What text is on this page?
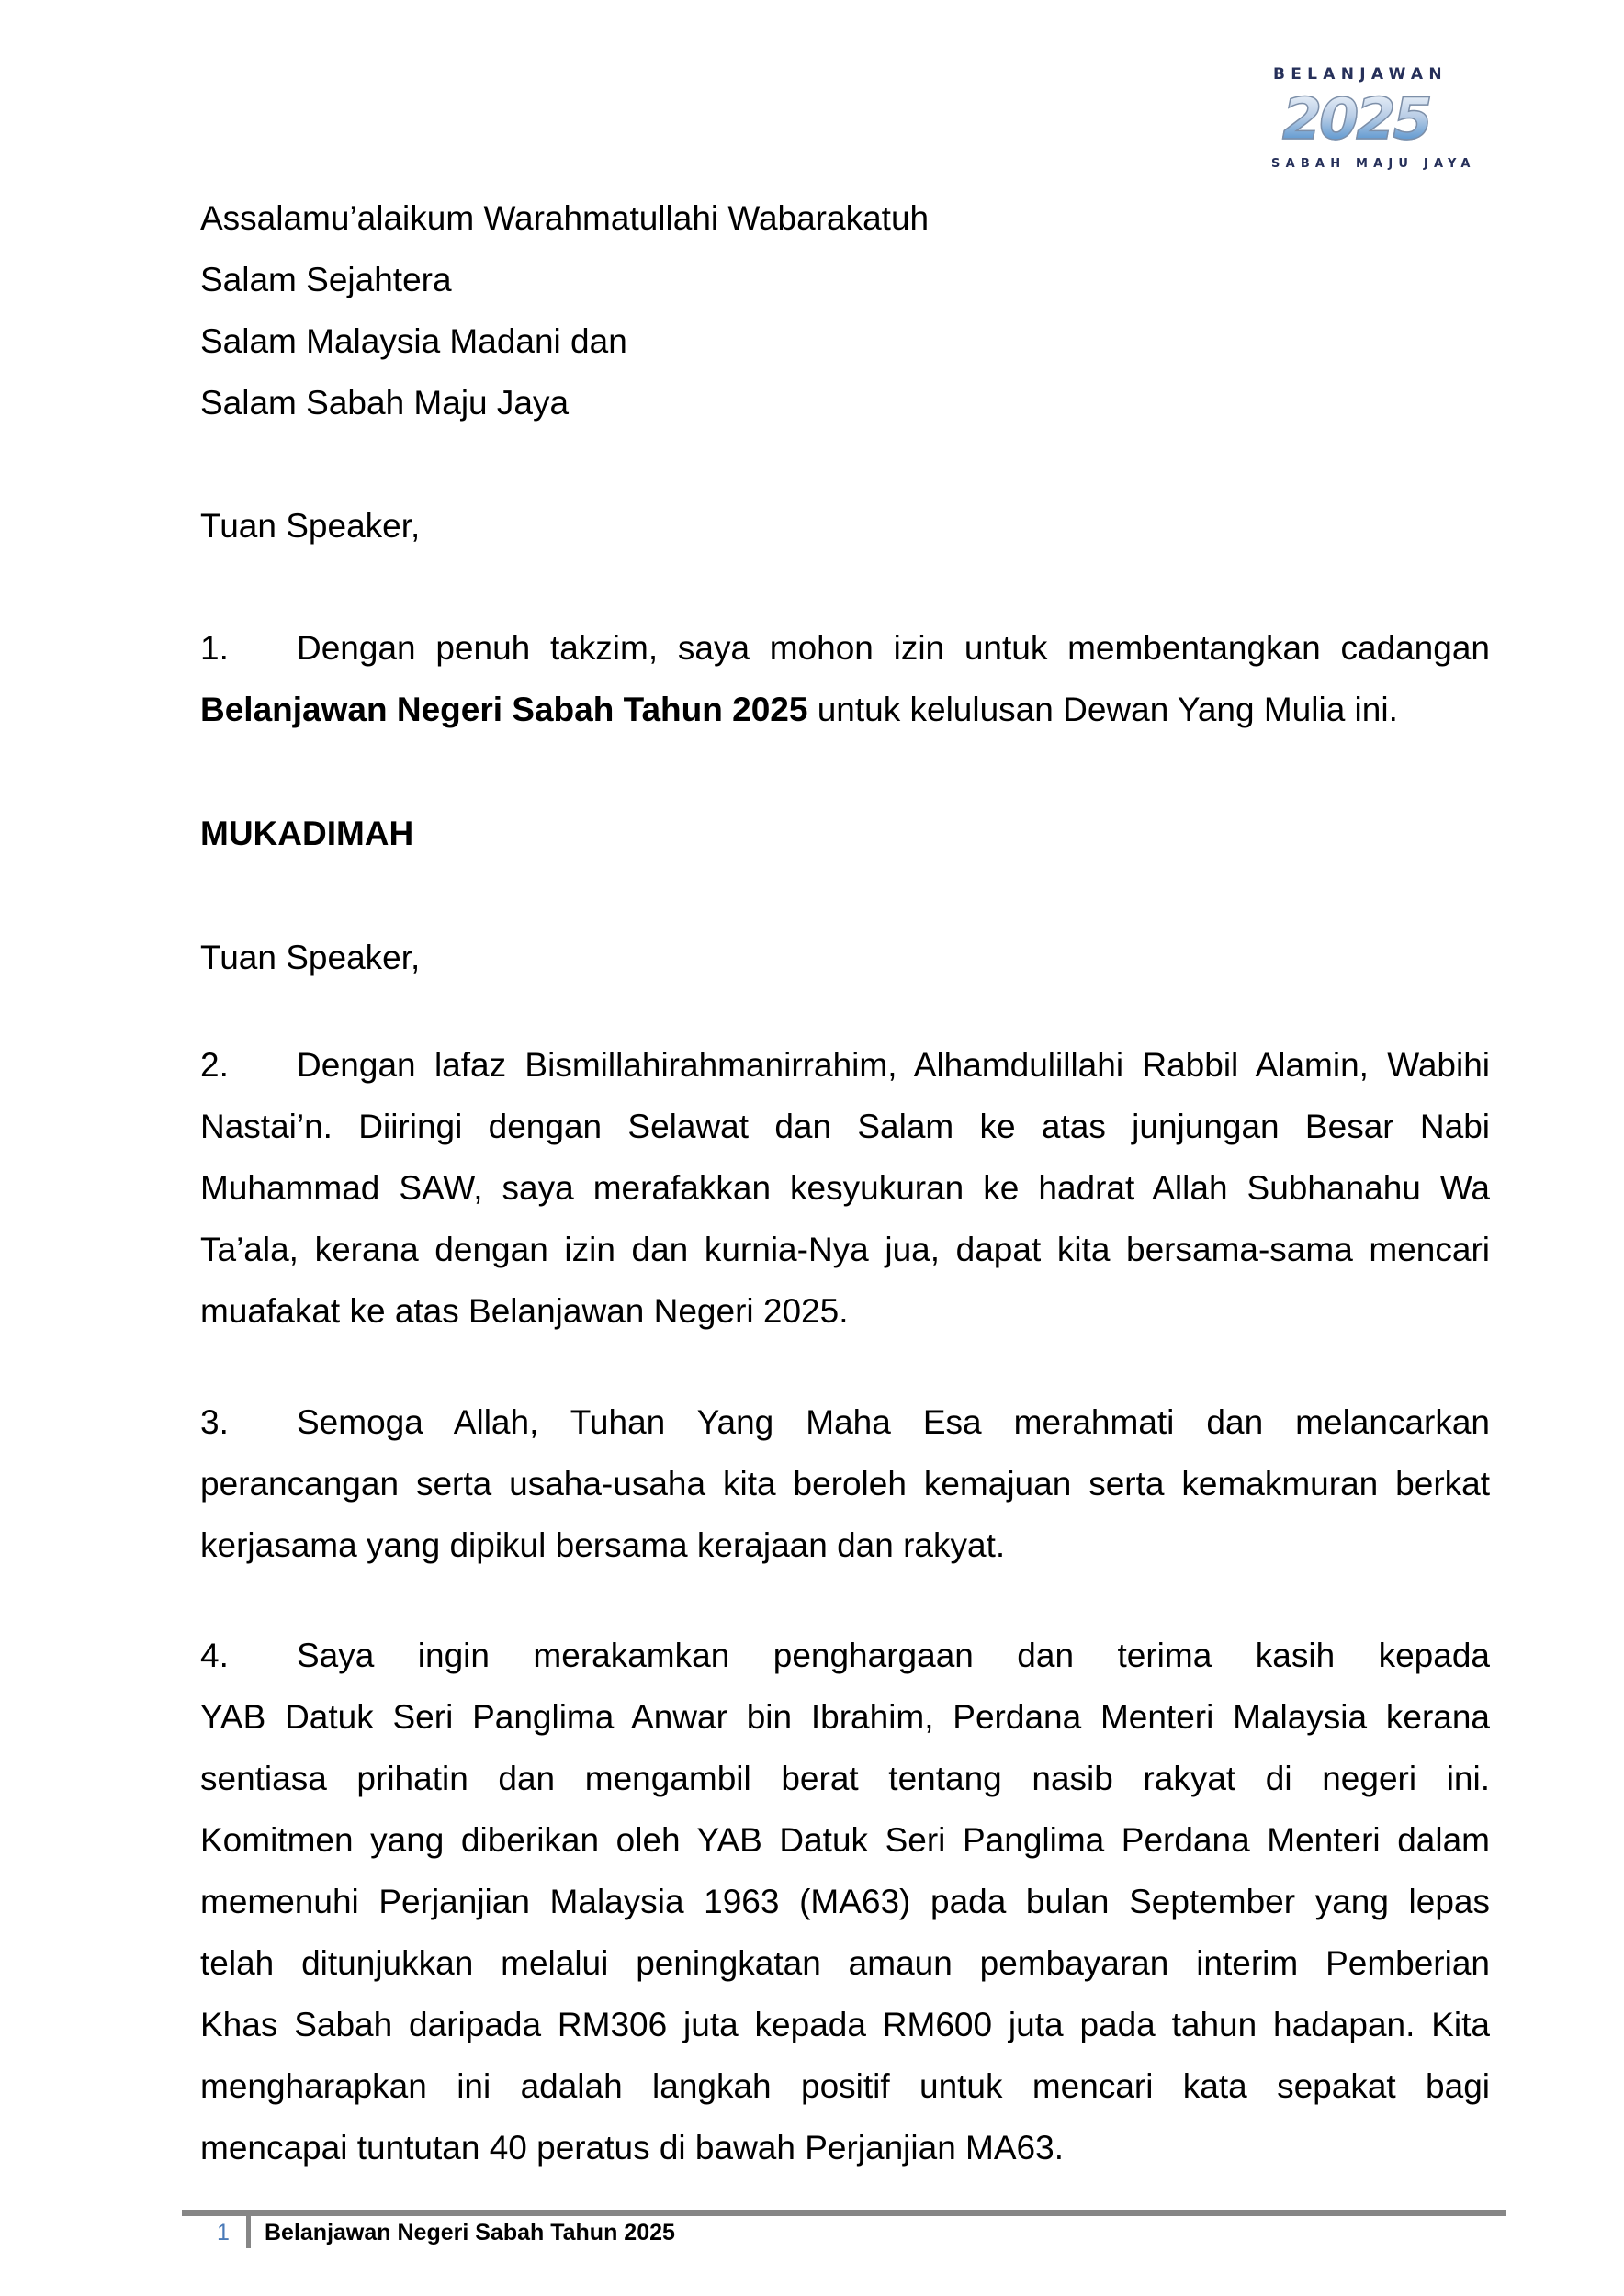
BELANJAWAN
2025
SABAH MAJU JAYA
Assalamu’alaikum Warahmatullahi Wabarakatuh
Salam Sejahtera
Salam Malaysia Madani dan
Salam Sabah Maju Jaya
Tuan Speaker,
1. Dengan penuh takzim, saya mohon izin untuk membentangkan cadangan
Belanjawan Negeri Sabah Tahun 2025 untuk kelulusan Dewan Yang Mulia ini.
MUKADIMAH
Tuan Speaker,
2. Dengan lafaz Bismillahirahmanirrahim, Alhamdulillahi Rabbil Alamin, Wabihi
Nastai’n. Diiringi dengan Selawat dan Salam ke atas junjungan Besar Nabi
Muhammad SAW, saya merafakkan kesyukuran ke hadrat Allah Subhanahu Wa
Ta’ala, kerana dengan izin dan kurnia-Nya jua, dapat kita bersama-sama mencari
muafakat ke atas Belanjawan Negeri 2025.
3. Semoga Allah, Tuhan Yang Maha Esa merahmati dan melancarkan
perancangan serta usaha-usaha kita beroleh kemajuan serta kemakmuran berkat
kerjasama yang dipikul bersama kerajaan dan rakyat.
4. Saya ingin merakamkan penghargaan dan terima kasih kepada
YAB Datuk Seri Panglima Anwar bin Ibrahim, Perdana Menteri Malaysia kerana
sentiasa prihatin dan mengambil berat tentang nasib rakyat di negeri ini.
Komitmen yang diberikan oleh YAB Datuk Seri Panglima Perdana Menteri dalam
memenuhi Perjanjian Malaysia 1963 (MA63) pada bulan September yang lepas
telah ditunjukkan melalui peningkatan amaun pembayaran interim Pemberian
Khas Sabah daripada RM306 juta kepada RM600 juta pada tahun hadapan. Kita
mengharapkan ini adalah langkah positif untuk mencari kata sepakat bagi
mencapai tuntutan 40 peratus di bawah Perjanjian MA63.
1 Belanjawan Negeri Sabah Tahun 2025
